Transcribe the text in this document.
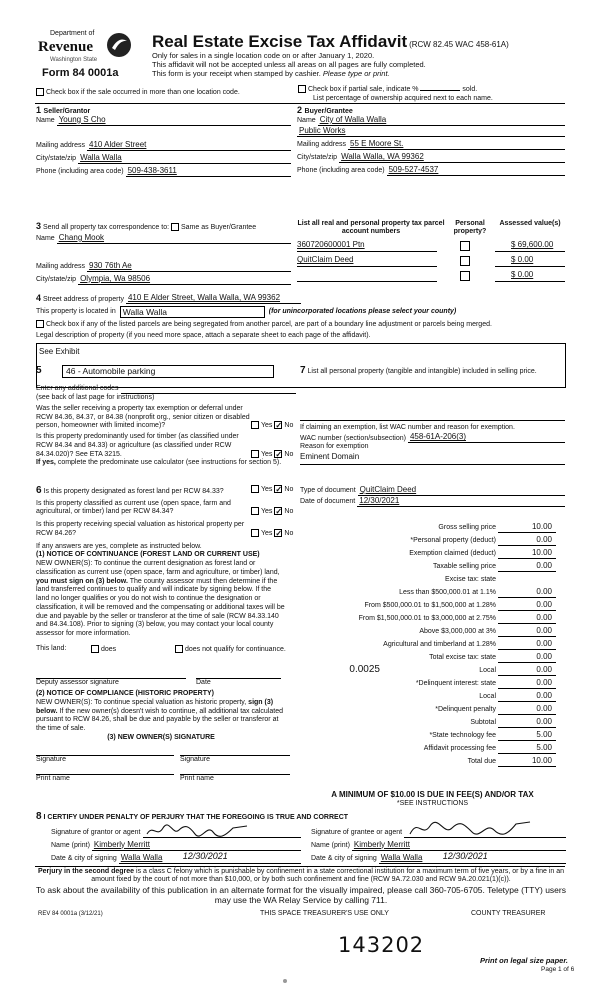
Department of
Revenue
Washington State
Form 84 0001a
Real Estate Excise Tax Affidavit (RCW 82.45 WAC 458-61A)
Only for sales in a single location code on or after January 1, 2020.
This affidavit will not be accepted unless all areas on all pages are fully completed.
This form is your receipt when stamped by cashier. Please type or print.
Check box if the sale occurred in more than one location code.	Check box if partial sale, indicate %	sold.
List percentage of ownership acquired next to each name.
1 Seller/Grantor
Name Young S Cho
Mailing address 410 Alder Street
City/state/zip Walla Walla
Phone (including area code) 509-438-3611
2 Buyer/Grantee
Name City of Walla Walla
Public Works
Mailing address 55 E Moore St.
City/state/zip Walla Walla, WA 99362
Phone (including area code) 509-527-4537
3 Send all property tax correspondence to: Same as Buyer/Grantee
Name Chang Mook
Mailing address 930 76th Ae
City/state/zip Olympia, Wa 98506
List all real and personal property tax parcel account numbers
Personal property?
Assessed value(s)
360720600001 Ptn	$ 69,600.00
QuitClaim Deed	$ 0.00
$ 0.00
4 Street address of property 410 E Alder Street, Walla Walla, WA 99362
This property is located in Walla Walla	(for unincorporated locations please select your county)
Check box if any of the listed parcels are being segregated from another parcel, are part of a boundary line adjustment or parcels being merged.
Legal description of property (if you need more space, attach a separate sheet to each page of the affidavit).
See Exhibit
5	46 - Automobile parking
Enter any additional codes
(see back of last page for instructions)
Was the seller receiving a property tax exemption or deferral under RCW 84.36, 84.37, or 84.38 (nonprofit org., senior citizen or disabled person, homeowner with limited income)?	Yes ✓ No
Is this property predominantly used for timber (as classified under RCW 84.34 and 84.33) or agriculture (as classified under RCW 84.34.020)? See ETA 3215.	Yes ✓ No
If yes, complete the predominate use calculator (see instructions for section 5).
6 Is this property designated as forest land per RCW 84.33?	Yes ✓ No
Is this property classified as current use (open space, farm and agricultural, or timber) land per RCW 84.34?	Yes ✓ No
Is this property receiving special valuation as historical property per RCW 84.26?	Yes ✓ No
If any answers are yes, complete as instructed below.
(1) NOTICE OF CONTINUANCE (FOREST LAND OR CURRENT USE)
NEW OWNER(S): To continue the current designation as forest land or classification as current use (open space, farm and agriculture, or timber) land, you must sign on (3) below. The county assessor must then determine if the land transferred continues to qualify and will indicate by signing below. If the land no longer qualifies or you do not wish to continue the designation or classification, it will be removed and the compensating or additional taxes will be due and payable by the seller or transferor at the time of sale (RCW 84.33.140 and 84.34.108). Prior to signing (3) below, you may contact your local county assessor for more information.
This land:	does	does not qualify for continuance.
Deputy assessor signature	Date
(2) NOTICE OF COMPLIANCE (HISTORIC PROPERTY)
NEW OWNER(S): To continue special valuation as historic property, sign (3) below. If the new owner(s) doesn't wish to continue, all additional tax calculated pursuant to RCW 84.26, shall be due and payable by the seller or transferor at the time of sale.
(3) NEW OWNER(S) SIGNATURE
Signature	Signature
Print name	Print name
7 List all personal property (tangible and intangible) included in selling price.
If claiming an exemption, list WAC number and reason for exemption.
WAC number (section/subsection) 458-61A-206(3)
Reason for exemption
Eminent Domain
Type of document QuitClaim Deed
Date of document 12/30/2021
Gross selling price	10.00
*Personal property (deduct)	0.00
Exemption claimed (deduct)	10.00
Taxable selling price	0.00
Excise tax: state
Less than $500,000.01 at 1.1%	0.00
From $500,000.01 to $1,500,000 at 1.28%	0.00
From $1,500,000.01 to $3,000,000 at 2.75%	0.00
Above $3,000,000 at 3%	0.00
Agricultural and timberland at 1.28%	0.00
Total excise tax: state	0.00
0.0025	Local	0.00
*Delinquent interest: state	0.00
Local	0.00
*Delinquent penalty	0.00
Subtotal	0.00
*State technology fee	5.00
Affidavit processing fee	5.00
Total due	10.00
A MINIMUM OF $10.00 IS DUE IN FEE(S) AND/OR TAX
*SEE INSTRUCTIONS
8 I CERTIFY UNDER PENALTY OF PERJURY THAT THE FOREGOING IS TRUE AND CORRECT
Signature of grantor or agent
Name (print) Kimberly Merritt
Date & city of signing Walla Walla 12/30/2021
Signature of grantee or agent
Name (print) Kimberly Merritt
Date & city of signing Walla Walla 12/30/2021
Perjury in the second degree is a class C felony which is punishable by confinement in a state correctional institution for a maximum term of five years, or by a fine in an amount fixed by the court of not more than $10,000, or by both such confinement and fine (RCW 9A.72.030 and RCW 9A.20.021(1)(c)).
To ask about the availability of this publication in an alternate format for the visually impaired, please call 360-705-6705. Teletype (TTY) users may use the WA Relay Service by calling 711.
REV 84 0001a (3/12/21)	THIS SPACE TREASURER'S USE ONLY	COUNTY TREASURER
143202
Print on legal size paper.
Page 1 of 6
